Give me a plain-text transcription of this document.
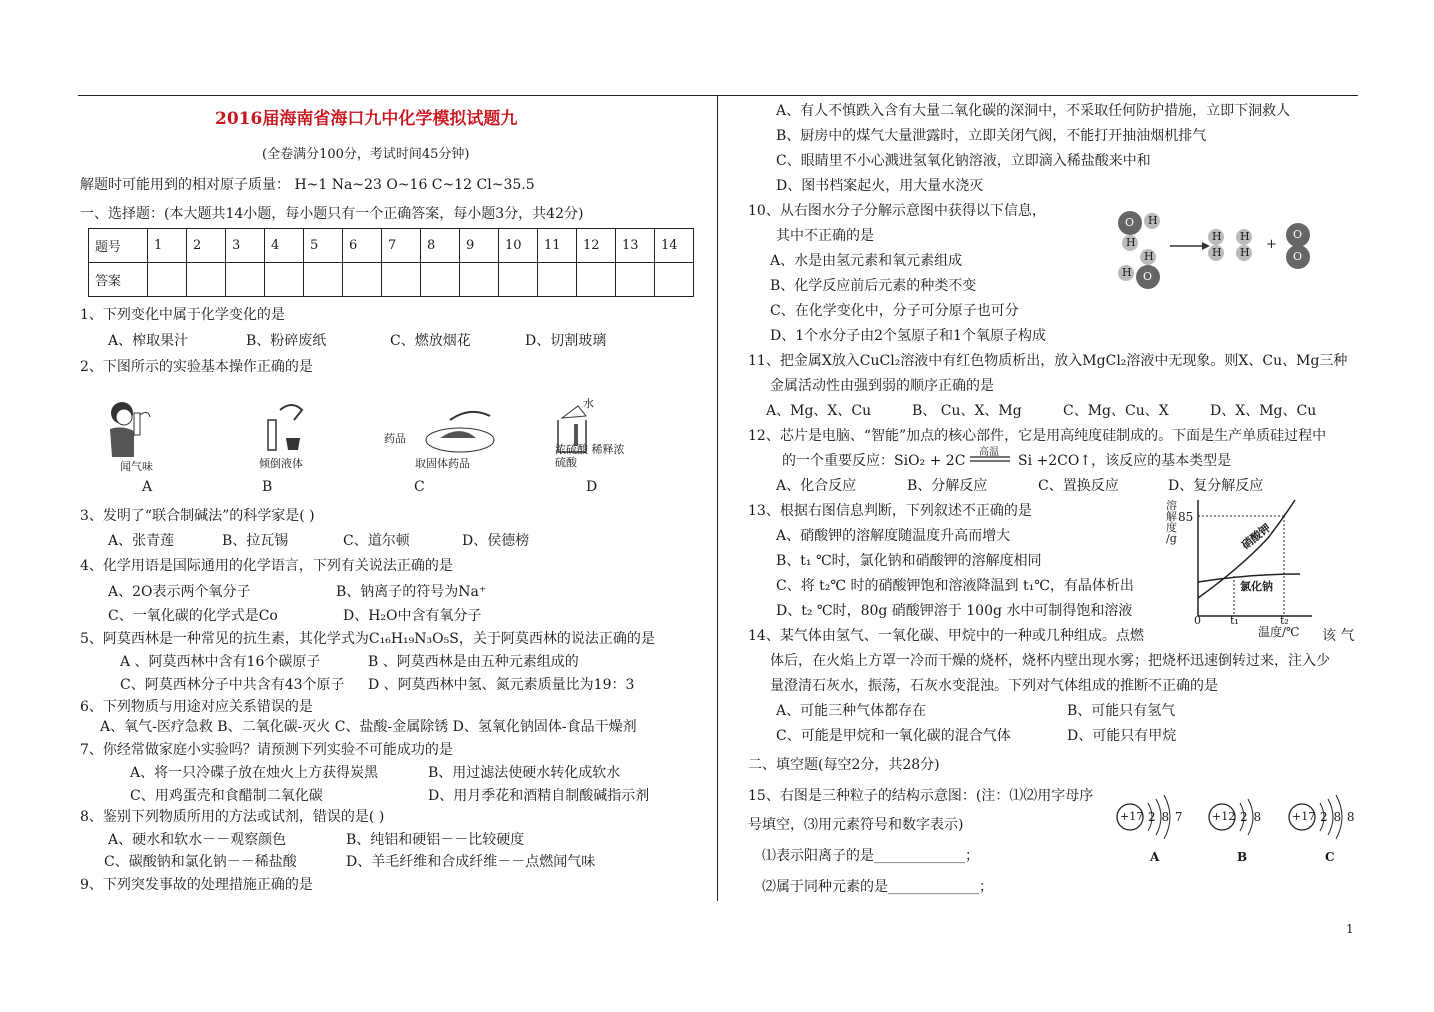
2016届海南省海口九中化学模拟试题九
(全卷满分100分，考试时间45分钟)
解题时可能用到的相对原子质量： H~1 Na~23 O~16 C~12 Cl~35.5
一、选择题：(本大题共14小题，每小题只有一个正确答案，每小题3分，共42分)
题号	1	2	3	4	5	6	7	8	9	10	11	12	13	14
答案														
1、下列变化中属于化学变化的是
A、榨取果汁	B、粉碎废纸	C、燃放烟花	D、切割玻璃
2、下图所示的实验基本操作正确的是
药品
水
闻气味	倾倒液体	取固体药品
浓硫酸 稀释浓硫酸
A	B	C	D
3、发明了“联合制碱法”的科学家是( )
A、张青莲	B、拉瓦锡	C、道尔顿	D、侯德榜
4、化学用语是国际通用的化学语言，下列有关说法正确的是
A、2O表示两个氧分子	B、钠离子的符号为Na⁺
C、一氧化碳的化学式是Co	D、H₂O中含有氧分子
5、阿莫西林是一种常见的抗生素，其化学式为C₁₆H₁₉N₃O₅S，关于阿莫西林的说法正确的是
A 、阿莫西林中含有16个碳原子	B 、阿莫西林是由五种元素组成的
C、阿莫西林分子中共含有43个原子 D 、阿莫西林中氢、氮元素质量比为19：3
6、下列物质与用途对应关系错误的是
A、氧气-医疗急救 B、二氧化碳-灭火 C、盐酸-金属除锈 D、氢氧化钠固体-食品干燥剂
7、你经常做家庭小实验吗？请预测下列实验不可能成功的是
A、将一只冷碟子放在烛火上方获得炭黑	B、用过滤法使硬水转化成软水
C、用鸡蛋壳和食醋制二氧化碳	D、用月季花和酒精自制酸碱指示剂
8、鉴别下列物质所用的方法或试剂，错误的是( )
A、硬水和软水－－观察颜色	B、纯铝和硬铝－－比较硬度
C、碳酸钠和氯化钠－－稀盐酸	D、羊毛纤维和合成纤维－－点燃闻气味
9、下列突发事故的处理措施正确的是
A、有人不慎跌入含有大量二氧化碳的深洞中，不采取任何防护措施，立即下洞救人
B、厨房中的煤气大量泄露时，立即关闭气阀，不能打开抽油烟机排气
C、眼睛里不小心溅进氢氧化钠溶液，立即滴入稀盐酸来中和
D、图书档案起火，用大量水浇灭
10、从右图水分子分解示意图中获得以下信息，
其中不正确的是
A、水是由氢元素和氧元素组成
B、化学反应前后元素的种类不变
C、在化学变化中，分子可分原子也可分
D、1个水分子由2个氢原子和1个氧原子构成
O H
H
H
O
H
H
H
H
H
+
O
O
11、把金属X放入CuCl₂溶液中有红色物质析出，放入MgCl₂溶液中无现象。则X、Cu、Mg三种
金属活动性由强到弱的顺序正确的是
A、Mg、X、Cu	B、 Cu、X、Mg	C、Mg、Cu、X	D、X、Mg、Cu
12、芯片是电脑、“智能”加点的核心部件，它是用高纯度硅制成的。下面是生产单质硅过程中
的一个重要反应：SiO₂ + 2C
高温
Si +2CO↑，该反应的基本类型是
A、化合反应	B、分解反应	C、置换反应	D、复分解反应
13、根据右图信息判断，下列叙述不正确的是
A、硝酸钾的溶解度随温度升高而增大
B、t₁ ℃时，氯化钠和硝酸钾的溶解度相同
C、将 t₂℃ 时的硝酸钾饱和溶液降温到 t₁℃，有晶体析出
D、t₂ ℃时，80g 硝酸钾溶于 100g 水中可制得饱和溶液
溶
解
度
/g
85
硝酸钾
氯化钠
0	t₁	t₂
温度/℃
14、某气体由氢气、一氧化碳、甲烷中的一种或几种组成。点燃	该 气
体后，在火焰上方罩一冷而干燥的烧杯，烧杯内壁出现水雾；把烧杯迅速倒转过来，注入少
量澄清石灰水，振荡，石灰水变混浊。下列对气体组成的推断不正确的是
A、可能三种气体都存在	B、可能只有氢气
C、可能是甲烷和一氧化碳的混合气体	D、可能只有甲烷
二、填空题(每空2分，共28分)
15、右图是三种粒子的结构示意图：(注：⑴⑵用字母序
号填空，⑶用元素符号和数字表示)
⑴表示阳离子的是_____________；
⑵属于同种元素的是_____________；
+17 2 8 7
A
+12 2 8
B
+17 2 8 8
C
1
